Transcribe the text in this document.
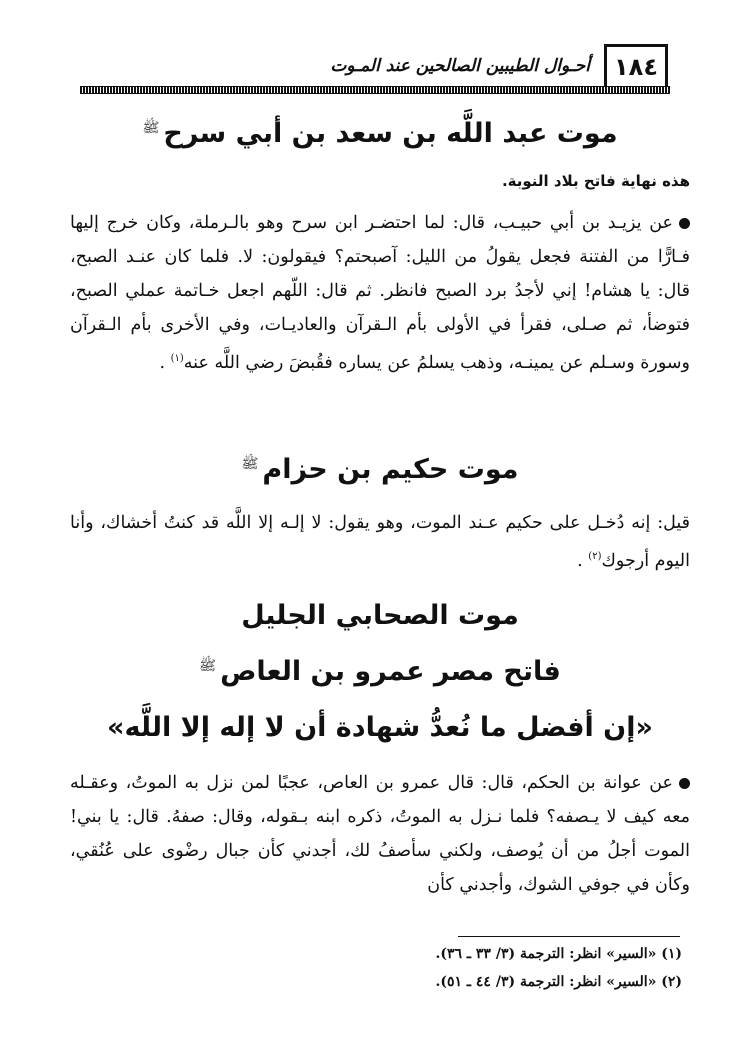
١٨٤
أحـوال الطيبين الصالحين عند المـوت
موت عبد اللَّه بن سعد بن أبي سرح$^ﷺ$
هذه نهاية فاتح بلاد النوبة.
عن يزيـد بن أبي حبيـب، قال: لما احتضـر ابن سرح وهو بالـرملة، وكان خرج إليها فـارًّا من الفتنة فجعل يقولُ من الليل: آصبحتم؟ فيقولون: لا. فلما كان عنـد الصبح، قال: يا هشام! إني لأجدُ برد الصبح فانظر. ثم قال: اللّهم اجعل خـاتمة عملي الصبح، فتوضأ، ثم صـلى، فقرأ في الأولى بأم الـقرآن والعاديـات، وفي الأخرى بأم الـقرآن وسورة وسـلم عن يمينـه، وذهب يسلمُ عن يساره فقُبضَ رضي اللَّه عنه$^{(١)}$ .
موت حكيم بن حزام$^ﷺ$
قيل: إنه دُخـل على حكيم عـند الموت، وهو يقول: لا إلـه إلا اللَّه قد كنتُ أخشاك، وأنا اليوم أرجوك$^{(٢)}$ .
موت الصحابي الجليل
فاتح مصر عمرو بن العاص$^ﷺ$
«إن أفضل ما نُعدُّ شهادة أن لا إله إلا اللَّه»
عن عوانة بن الحكم، قال: قال عمرو بن العاص، عجبًا لمن نزل به الموتُ، وعقـله معه كيف لا يـصفه؟ فلما نـزل به الموتُ، ذكره ابنه بـقوله، وقال: صفهُ. قال: يا بني! الموت أجلُ من أن يُوصف، ولكني سأصفُ لك، أجدني كأن جبال رضْوى على عُنُقي، وكأن في جوفي الشوك، وأجدني كأن
(١) «السير» انظر: الترجمة (٣/ ٣٣ ـ ٣٦).
(٢) «السير» انظر: الترجمة (٣/ ٤٤ ـ ٥١).
